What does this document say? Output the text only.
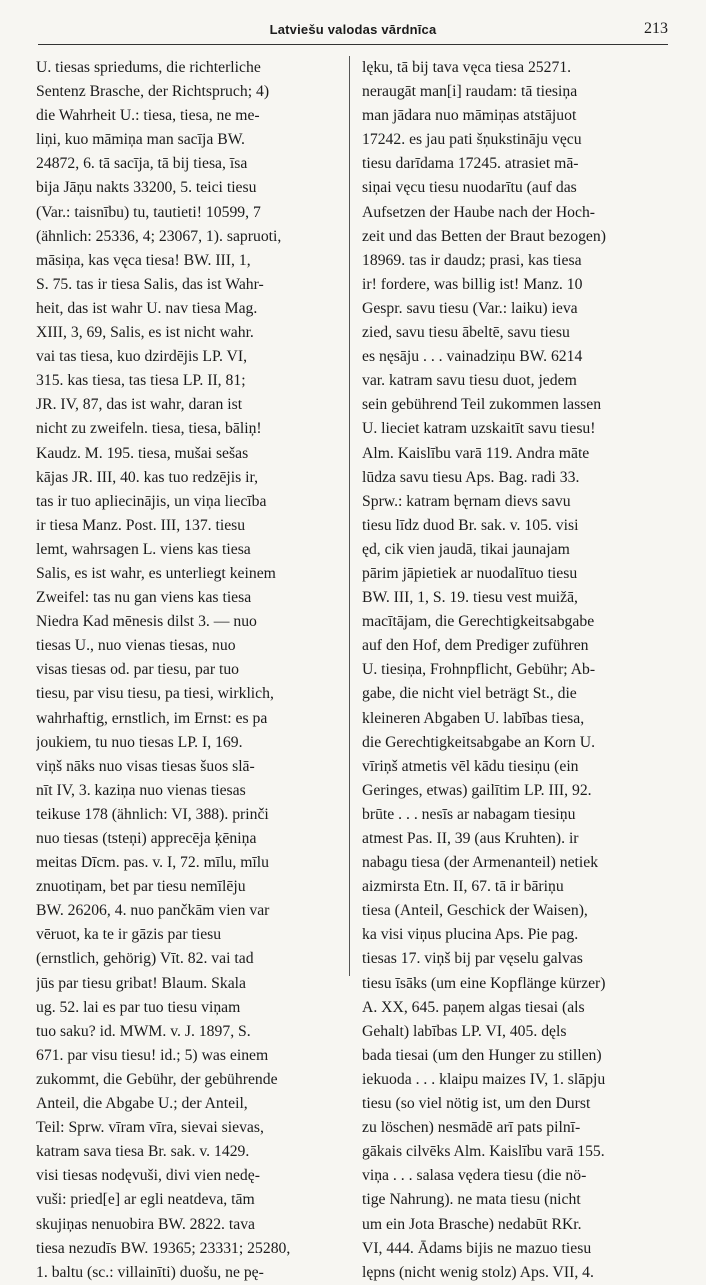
Latviešu valodas vārdnīca	213
U. tiesas spriedums, die richterliche
Sentenz Brasche, der Richtspruch; 4)
die Wahrheit U.: tiesa, tiesa, ne me-
liņi, kuo māmiņa man sacīja BW.
24872, 6. tā sacīja, tā bij tiesa, īsa
bija Jāņu nakts 33200, 5. teici tiesu
(Var.: taisnību) tu, tautieti! 10599, 7
(ähnlich: 25336, 4; 23067, 1). sapruoti,
māsiņa, kas vęca tiesa! BW. III, 1,
S. 75. tas ir tiesa Salis, das ist Wahr-
heit, das ist wahr U. nav tiesa Mag.
XIII, 3, 69, Salis, es ist nicht wahr.
vai tas tiesa, kuo dzirdējis LP. VI,
315. kas tiesa, tas tiesa LP. II, 81;
JR. IV, 87, das ist wahr, daran ist
nicht zu zweifeln. tiesa, tiesa, bāliņ!
Kaudz. M. 195. tiesa, mušai sešas
kājas JR. III, 40. kas tuo redzējis ir,
tas ir tuo apliecinājis, un viņa liecība
ir tiesa Manz. Post. III, 137. tiesu
lemt, wahrsagen L. viens kas tiesa
Salis, es ist wahr, es unterliegt keinem
Zweifel: tas nu gan viens kas tiesa
Niedra Kad mēnesis dilst 3. — nuo
tiesas U., nuo vienas tiesas, nuo
visas tiesas od. par tiesu, par tuo
tiesu, par visu tiesu, pa tiesi, wirklich,
wahrhaftig, ernstlich, im Ernst: es pa
joukiem, tu nuo tiesas LP. I, 169.
viņš nāks nuo visas tiesas šuos slā-
nīt IV, 3. kaziņa nuo vienas tiesas
teikuse 178 (ähnlich: VI, 388). prinči
nuo tiesas (tsteņi) apprecēja ķēniņa
meitas Dīcm. pas. v. I, 72. mīlu, mīlu
znuotiņam, bet par tiesu nemīlēju
BW. 26206, 4. nuo pančkām vien var
vēruot, ka te ir gāzis par tiesu
(ernstlich, gehörig) Vīt. 82. vai tad
jūs par tiesu gribat! Blaum. Skala
ug. 52. lai es par tuo tiesu viņam
tuo saku? id. MWM. v. J. 1897, S.
671. par visu tiesu! id.; 5) was einem
zukommt, die Gebühr, der gebührende
Anteil, die Abgabe U.; der Anteil,
Teil: Sprw. vīram vīra, sievai sievas,
katram sava tiesa Br. sak. v. 1429.
visi tiesas nodęvuši, divi vien nedę-
vuši: pried[e] ar egli neatdeva, tām
skujiņas nenuobira BW. 2822. tava
tiesa nezudīs BW. 19365; 23331; 25280,
1. baltu (sc.: villainīti) duošu, ne pę-
lęku, tā bij tava vęca tiesa 25271.
neraugāt man[i] raudam: tā tiesiņa
man jādara nuo māmiņas atstājuot
17242. es jau pati šņukstināju vęcu
tiesu darīdama 17245. atrasiet mā-
siņai vęcu tiesu nuodarītu (auf das
Aufsetzen der Haube nach der Hoch-
zeit und das Betten der Braut bezogen)
18969. tas ir daudz; prasi, kas tiesa
ir! fordere, was billig ist! Manz. 10
Gespr. savu tiesu (Var.: laiku) ieva
zied, savu tiesu ābeltē, savu tiesu
es nęsāju . . . vainadziņu BW. 6214
var. katram savu tiesu duot, jedem
sein gebührend Teil zukommen lassen
U. lieciet katram uzskaitīt savu tiesu!
Alm. Kaislību varā 119. Andra māte
lūdza savu tiesu Aps. Bag. radi 33.
Sprw.: katram bęrnam dievs savu
tiesu līdz duod Br. sak. v. 105. visi
ęd, cik vien jaudā, tikai jaunajam
pārim jāpietiek ar nuodalītuo tiesu
BW. III, 1, S. 19. tiesu vest muižā,
macītājam, die Gerechtigkeitsabgabe
auf den Hof, dem Prediger zuführen
U. tiesiņa, Frohnpflicht, Gebühr; Ab-
gabe, die nicht viel beträgt St., die
kleineren Abgaben U. labības tiesa,
die Gerechtigkeitsabgabe an Korn U.
vīriņš atmetis vēl kādu tiesiņu (ein
Geringes, etwas) gailītim LP. III, 92.
brūte . . . nesīs ar nabagam tiesiņu
atmest Pas. II, 39 (aus Kruhten). ir
nabagu tiesa (der Armenanteil) netiek
aizmirsta Etn. II, 67. tā ir bāriņu
tiesa (Anteil, Geschick der Waisen),
ka visi viņus plucina Aps. Pie pag.
tiesas 17. viņš bij par vęselu galvas
tiesu īsāks (um eine Kopflänge kürzer)
A. XX, 645. paņem algas tiesai (als
Gehalt) labības LP. VI, 405. dęls
bada tiesai (um den Hunger zu stillen)
iekuoda . . . klaipu maizes IV, 1. slāpju
tiesu (so viel nötig ist, um den Durst
zu löschen) nesmādē arī pats pilnī-
gākais cilvēks Alm. Kaislību varā 155.
viņa . . . salasa vędera tiesu (die nö-
tige Nahrung). ne mata tiesu (nicht
um ein Jota Brasche) nedabūt RKr.
VI, 444. Ādams bijis ne mazuo tiesu
lępns (nicht wenig stolz) Aps. VII, 4.
